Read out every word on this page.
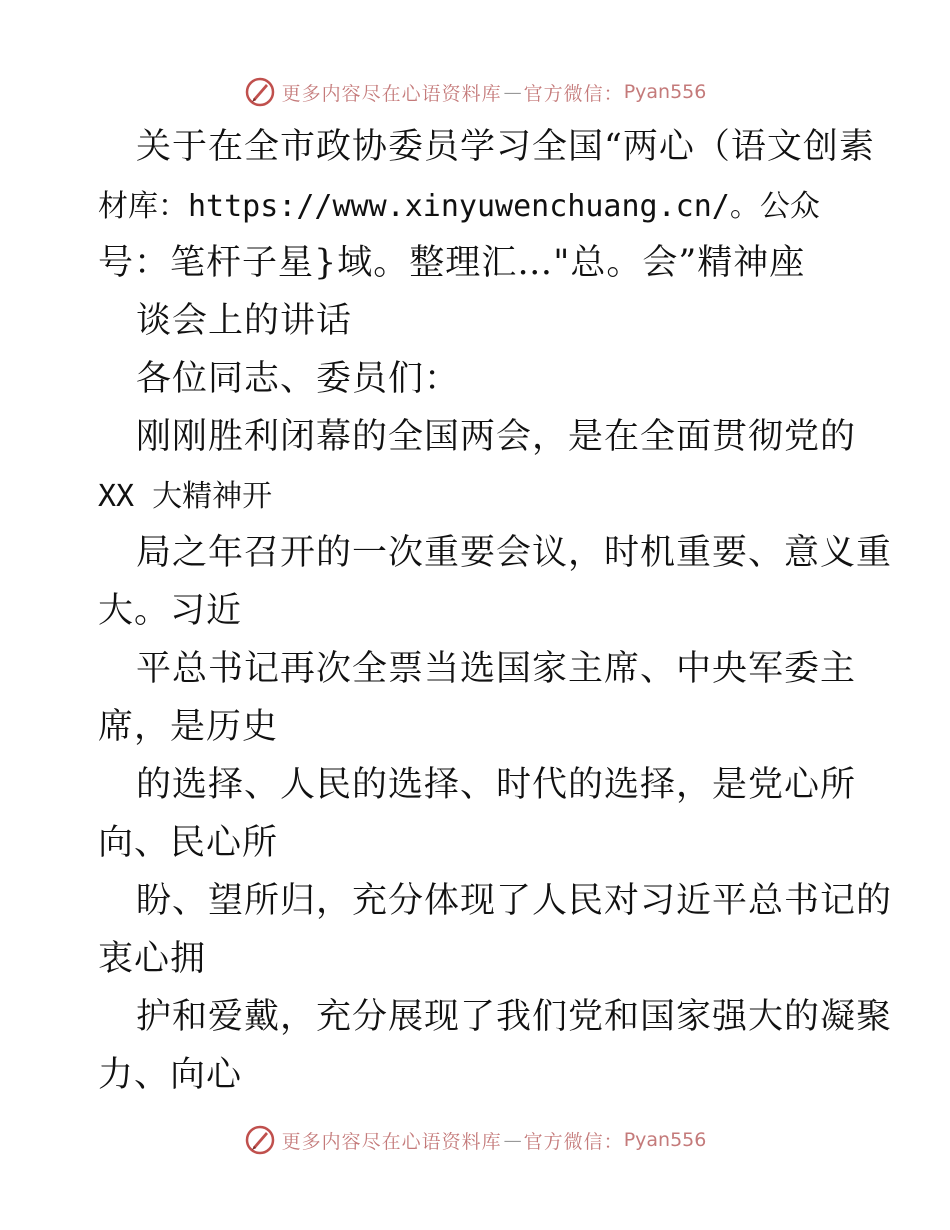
更多内容尽在心语资料库 — 官方微信： Pyan556
关于在全市政协委员学习全国“两心（语文创素
材库：https://www.xinyuwenchuang.cn/。公众
号：笔杆子星}域。整理汇…"总。会”精神座
谈会上的讲话
各位同志、委员们：
刚刚胜利闭幕的全国两会，是在全面贯彻党的
XX 大精神开
局之年召开的一次重要会议，时机重要、意义重
大。习近
平总书记再次全票当选国家主席、中央军委主
席，是历史
的选择、人民的选择、时代的选择，是党心所
向、民心所
盼、望所归，充分体现了人民对习近平总书记的
衷心拥
护和爱戴，充分展现了我们党和国家强大的凝聚
力、向心
更多内容尽在心语资料库 — 官方微信： Pyan556
